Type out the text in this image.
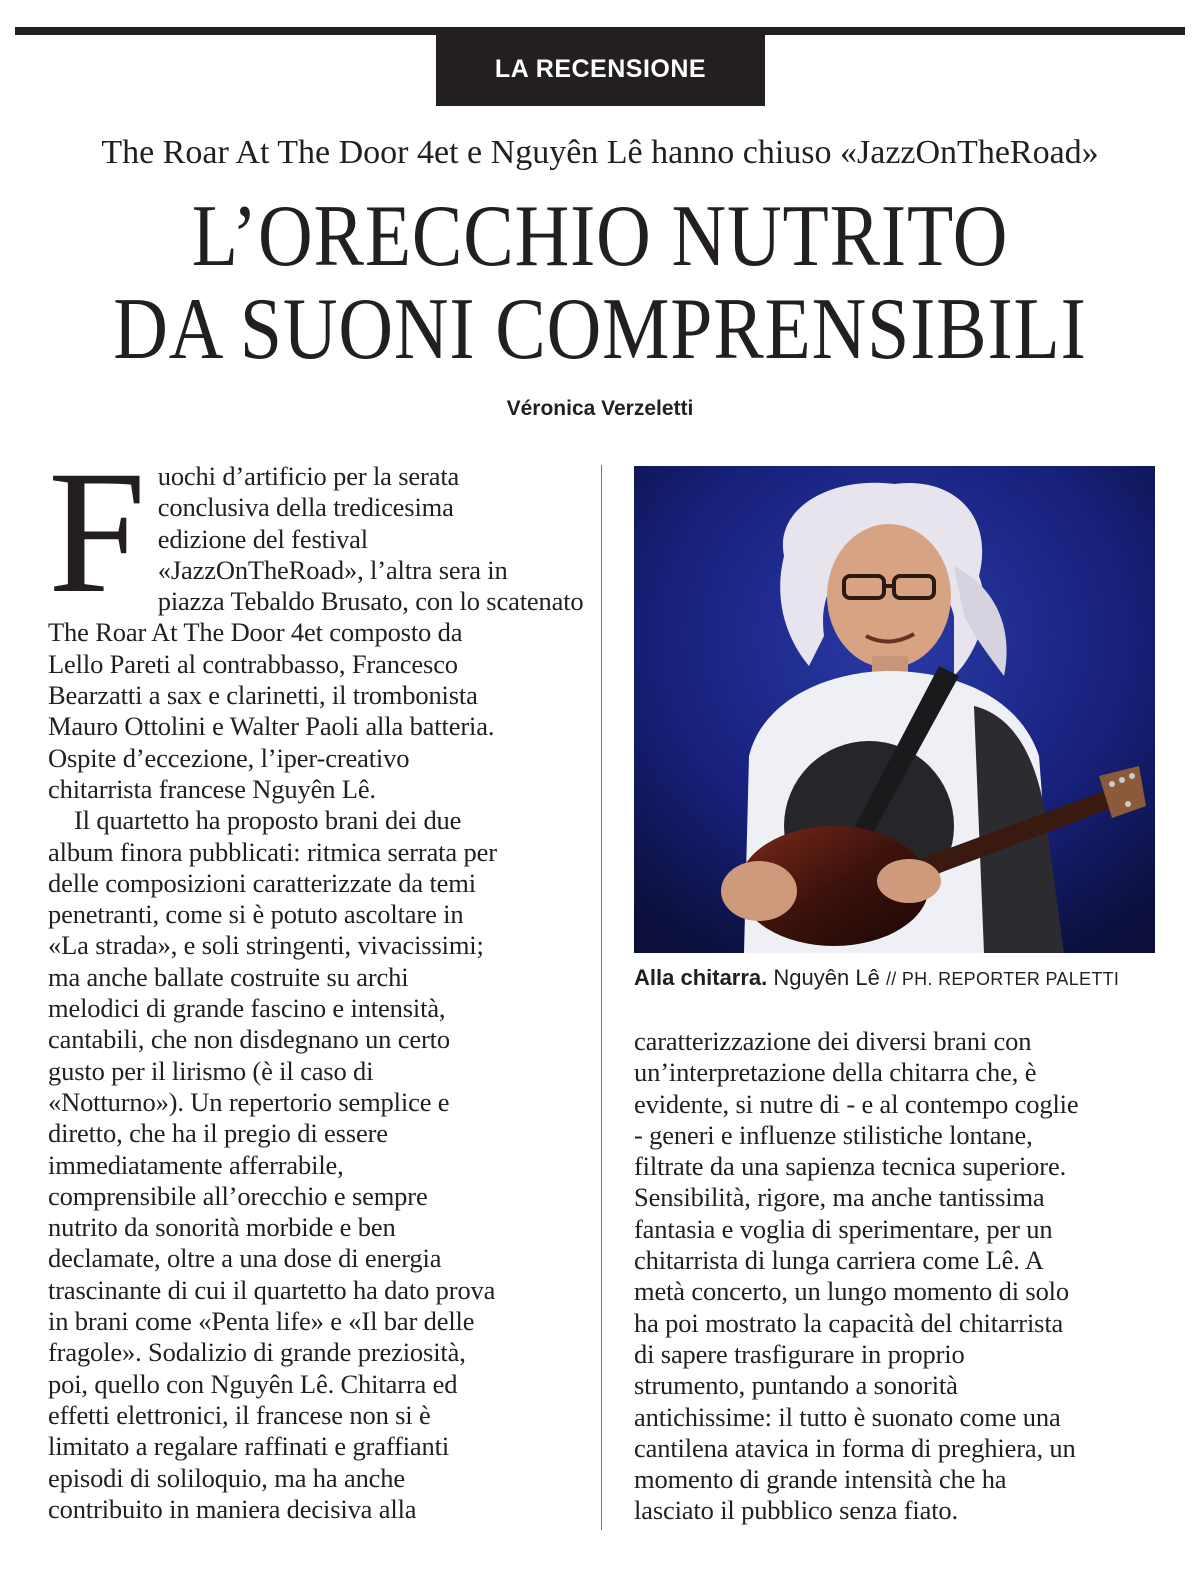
LA RECENSIONE
The Roar At The Door 4et e Nguyên Lê hanno chiuso «JazzOnTheRoad»
L’ORECCHIO NUTRITO
DA SUONI COMPRENSIBILI
Véronica Verzeletti
F uochi d’artificio per la serata
conclusiva della tredicesima
edizione del festival
«JazzOnTheRoad», l’altra sera in
piazza Tebaldo Brusato, con lo scatenato
The Roar At The Door 4et composto da
Lello Pareti al contrabbasso, Francesco
Bearzatti a sax e clarinetti, il trombonista
Mauro Ottolini e Walter Paoli alla batteria.
Ospite d’eccezione, l’iper-creativo
chitarrista francese Nguyên Lê.
Il quartetto ha proposto brani dei due
album finora pubblicati: ritmica serrata per
delle composizioni caratterizzate da temi
penetranti, come si è potuto ascoltare in
«La strada», e soli stringenti, vivacissimi;
ma anche ballate costruite su archi
melodici di grande fascino e intensità,
cantabili, che non disdegnano un certo
gusto per il lirismo (è il caso di
«Notturno»). Un repertorio semplice e
diretto, che ha il pregio di essere
immediatamente afferrabile,
comprensibile all’orecchio e sempre
nutrito da sonorità morbide e ben
declamate, oltre a una dose di energia
trascinante di cui il quartetto ha dato prova
in brani come «Penta life» e «Il bar delle
fragole». Sodalizio di grande preziosità,
poi, quello con Nguyên Lê. Chitarra ed
effetti elettronici, il francese non si è
limitato a regalare raffinati e graffianti
episodi di soliloquio, ma ha anche
contribuito in maniera decisiva alla
Alla chitarra. Nguyên Lê // PH. REPORTER PALETTI
caratterizzazione dei diversi brani con
un’interpretazione della chitarra che, è
evidente, si nutre di - e al contempo coglie
- generi e influenze stilistiche lontane,
filtrate da una sapienza tecnica superiore.
Sensibilità, rigore, ma anche tantissima
fantasia e voglia di sperimentare, per un
chitarrista di lunga carriera come Lê. A
metà concerto, un lungo momento di solo
ha poi mostrato la capacità del chitarrista
di sapere trasfigurare in proprio
strumento, puntando a sonorità
antichissime: il tutto è suonato come una
cantilena atavica in forma di preghiera, un
momento di grande intensità che ha
lasciato il pubblico senza fiato.
